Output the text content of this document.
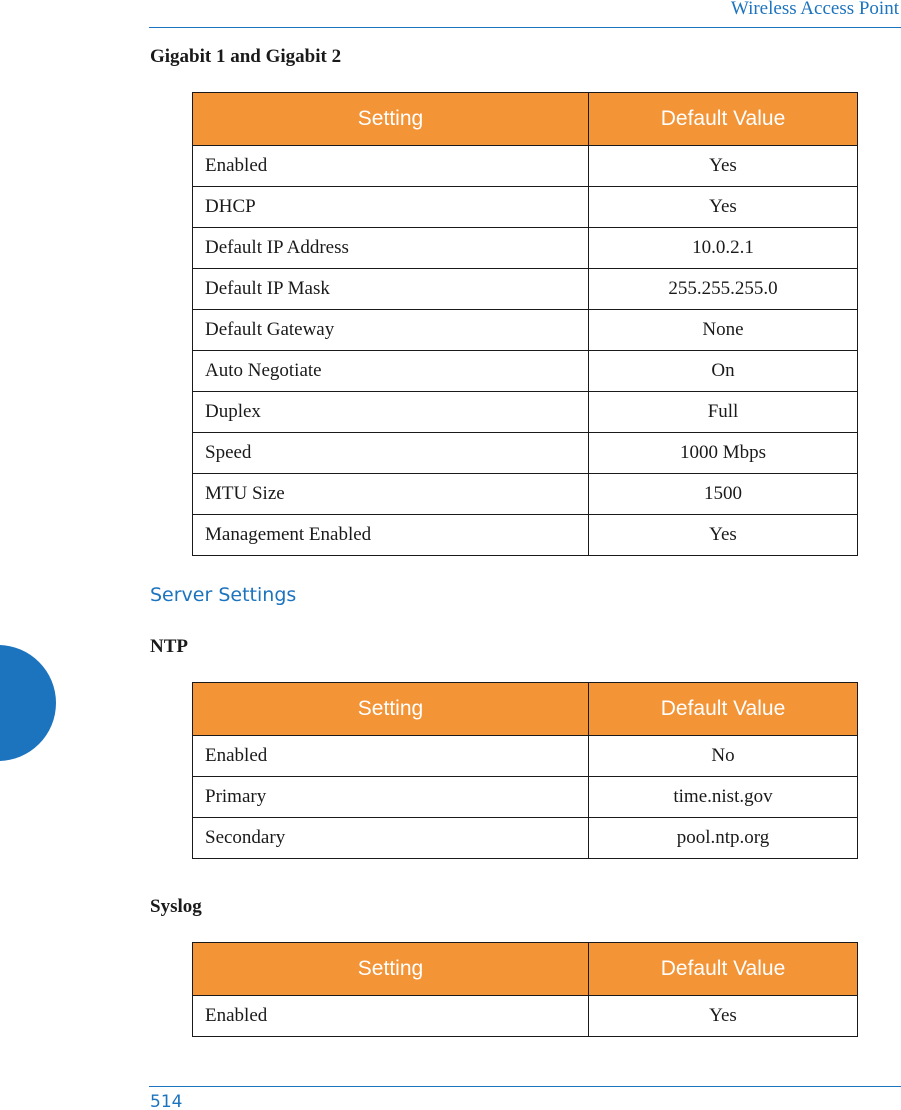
Wireless Access Point
Gigabit 1 and Gigabit 2
Setting	Default Value
Enabled	Yes
DHCP	Yes
Default IP Address	10.0.2.1
Default IP Mask	255.255.255.0
Default Gateway	None
Auto Negotiate	On
Duplex	Full
Speed	1000 Mbps
MTU Size	1500
Management Enabled	Yes
Server Settings
NTP
Setting	Default Value
Enabled	No
Primary	time.nist.gov
Secondary	pool.ntp.org
Syslog
Setting	Default Value
Enabled	Yes
514
